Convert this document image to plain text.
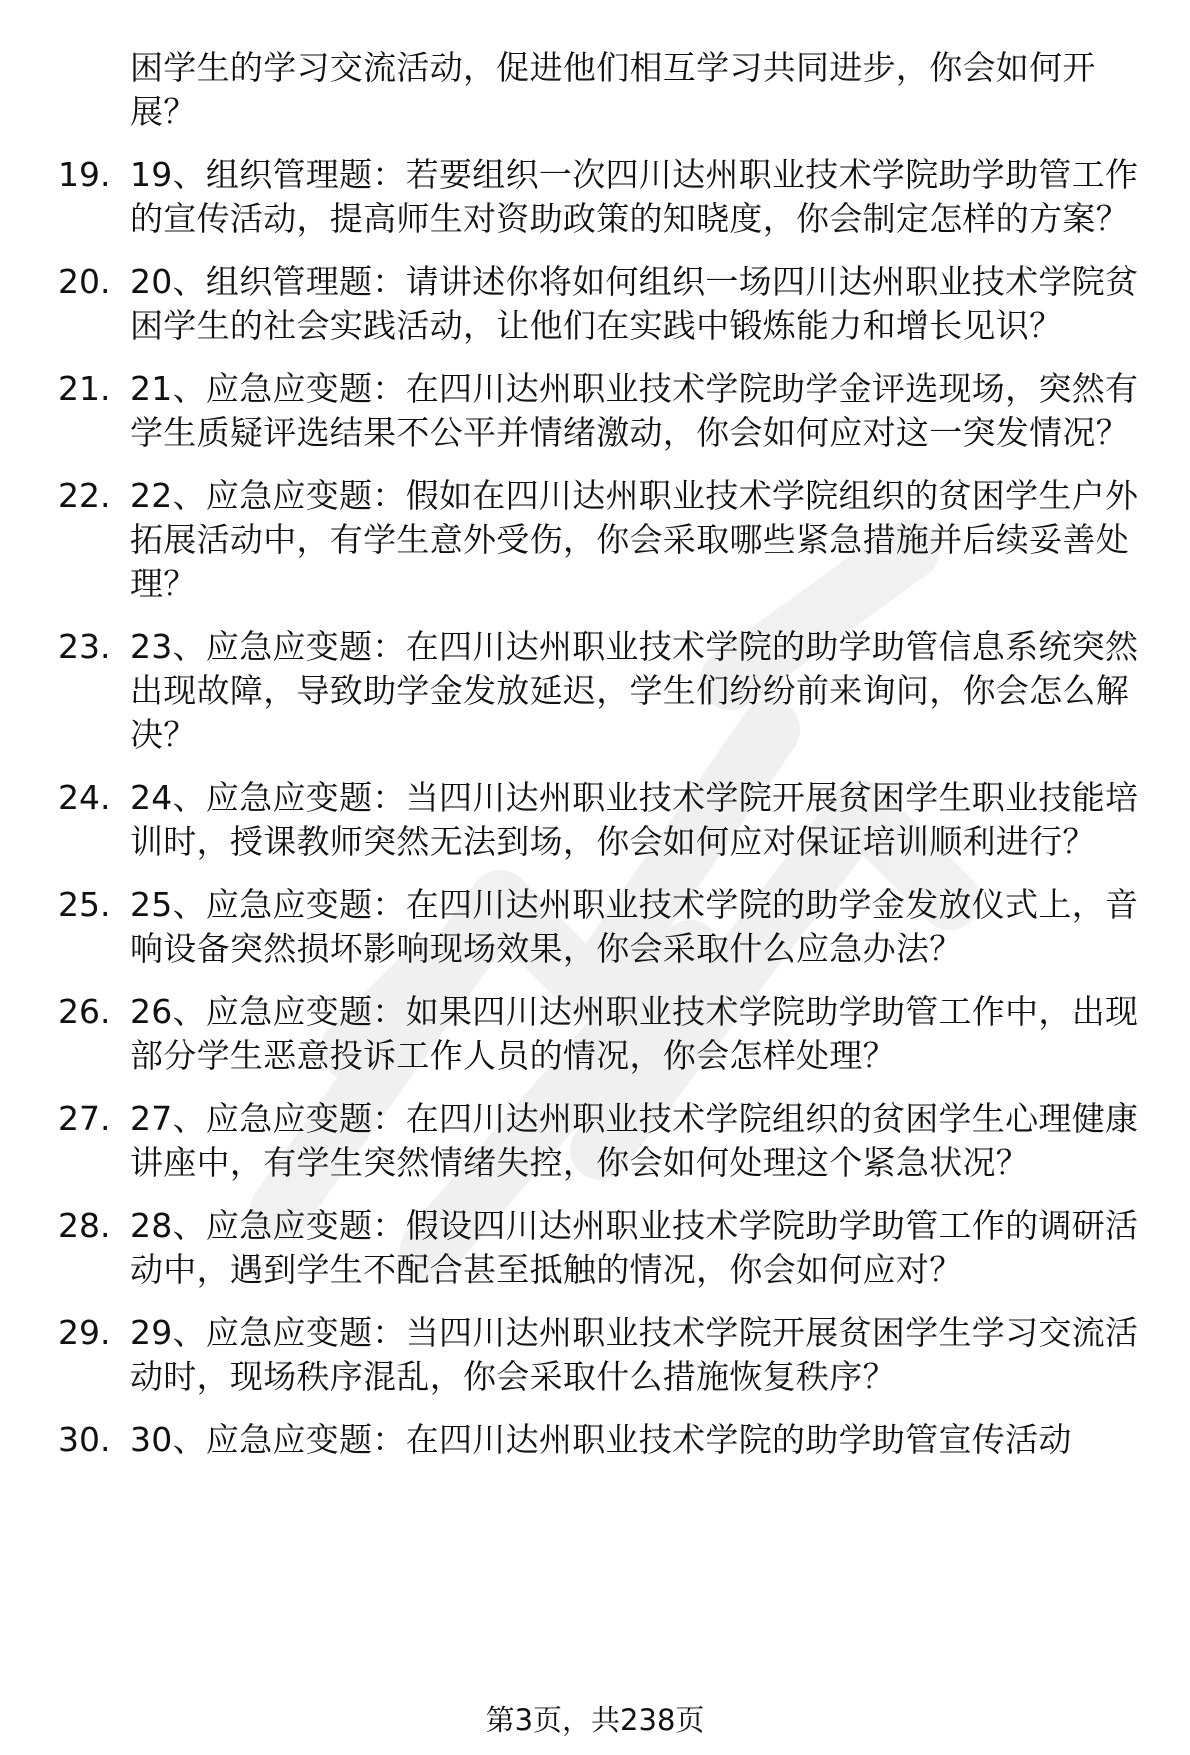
困学生的学习交流活动，促进他们相互学习共同进步，你会如何开展？
19. 19、组织管理题：若要组织一次四川达州职业技术学院助学助管工作的宣传活动，提高师生对资助政策的知晓度，你会制定怎样的方案？
20. 20、组织管理题：请讲述你将如何组织一场四川达州职业技术学院贫困学生的社会实践活动，让他们在实践中锻炼能力和增长见识？
21. 21、应急应变题：在四川达州职业技术学院助学金评选现场，突然有学生质疑评选结果不公平并情绪激动，你会如何应对这一突发情况？
22. 22、应急应变题：假如在四川达州职业技术学院组织的贫困学生户外拓展活动中，有学生意外受伤，你会采取哪些紧急措施并后续妥善处理？
23. 23、应急应变题：在四川达州职业技术学院的助学助管信息系统突然出现故障，导致助学金发放延迟，学生们纷纷前来询问，你会怎么解决？
24. 24、应急应变题：当四川达州职业技术学院开展贫困学生职业技能培训时，授课教师突然无法到场，你会如何应对保证培训顺利进行？
25. 25、应急应变题：在四川达州职业技术学院的助学金发放仪式上，音响设备突然损坏影响现场效果，你会采取什么应急办法？
26. 26、应急应变题：如果四川达州职业技术学院助学助管工作中，出现部分学生恶意投诉工作人员的情况，你会怎样处理？
27. 27、应急应变题：在四川达州职业技术学院组织的贫困学生心理健康讲座中，有学生突然情绪失控，你会如何处理这个紧急状况？
28. 28、应急应变题：假设四川达州职业技术学院助学助管工作的调研活动中，遇到学生不配合甚至抵触的情况，你会如何应对？
29. 29、应急应变题：当四川达州职业技术学院开展贫困学生学习交流活动时，现场秩序混乱，你会采取什么措施恢复秩序？
30. 30、应急应变题：在四川达州职业技术学院的助学助管宣传活动
第3页，共238页
